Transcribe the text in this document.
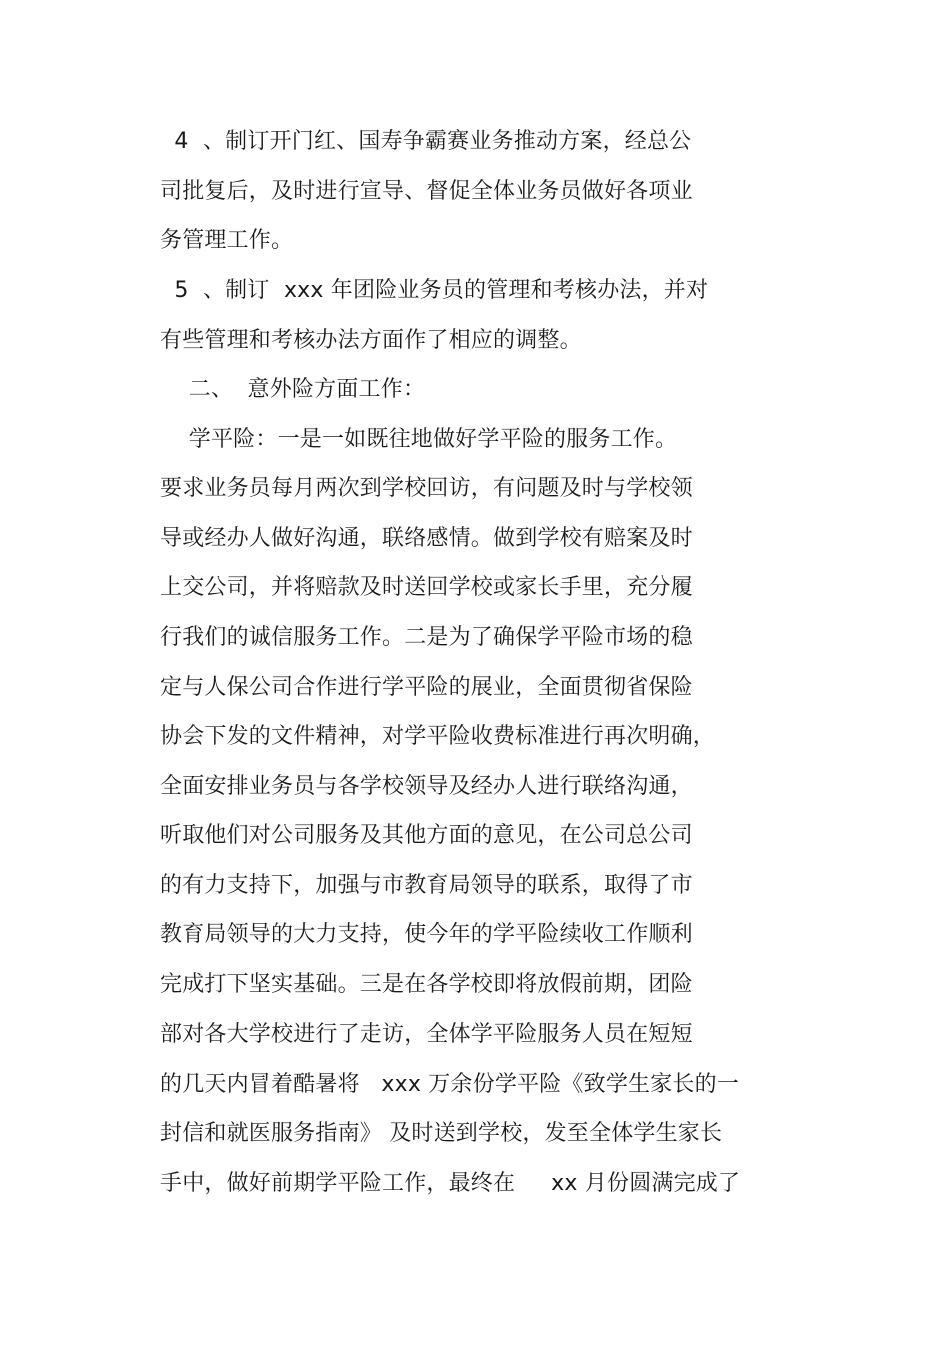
4  、制订开门红、国寿争霸赛业务推动方案，经总公
司批复后，及时进行宣导、督促全体业务员做好各项业
务管理工作。
5  、制订  xxx 年团险业务员的管理和考核办法，并对
有些管理和考核办法方面作了相应的调整。
二、  意外险方面工作：
学平险：一是一如既往地做好学平险的服务工作。
要求业务员每月两次到学校回访，有问题及时与学校领
导或经办人做好沟通，联络感情。做到学校有赔案及时
上交公司，并将赔款及时送回学校或家长手里，充分履
行我们的诚信服务工作。二是为了确保学平险市场的稳
定与人保公司合作进行学平险的展业，全面贯彻省保险
协会下发的文件精神，对学平险收费标准进行再次明确，
全面安排业务员与各学校领导及经办人进行联络沟通，
听取他们对公司服务及其他方面的意见，在公司总公司
的有力支持下，加强与市教育局领导的联系，取得了市
教育局领导的大力支持，使今年的学平险续收工作顺利
完成打下坚实基础。三是在各学校即将放假前期，团险
部对各大学校进行了走访，全体学平险服务人员在短短
的几天内冒着酷暑将   xxx 万余份学平险《致学生家长的一
封信和就医服务指南》 及时送到学校，发至全体学生家长
手中，做好前期学平险工作，最终在     xx 月份圆满完成了
